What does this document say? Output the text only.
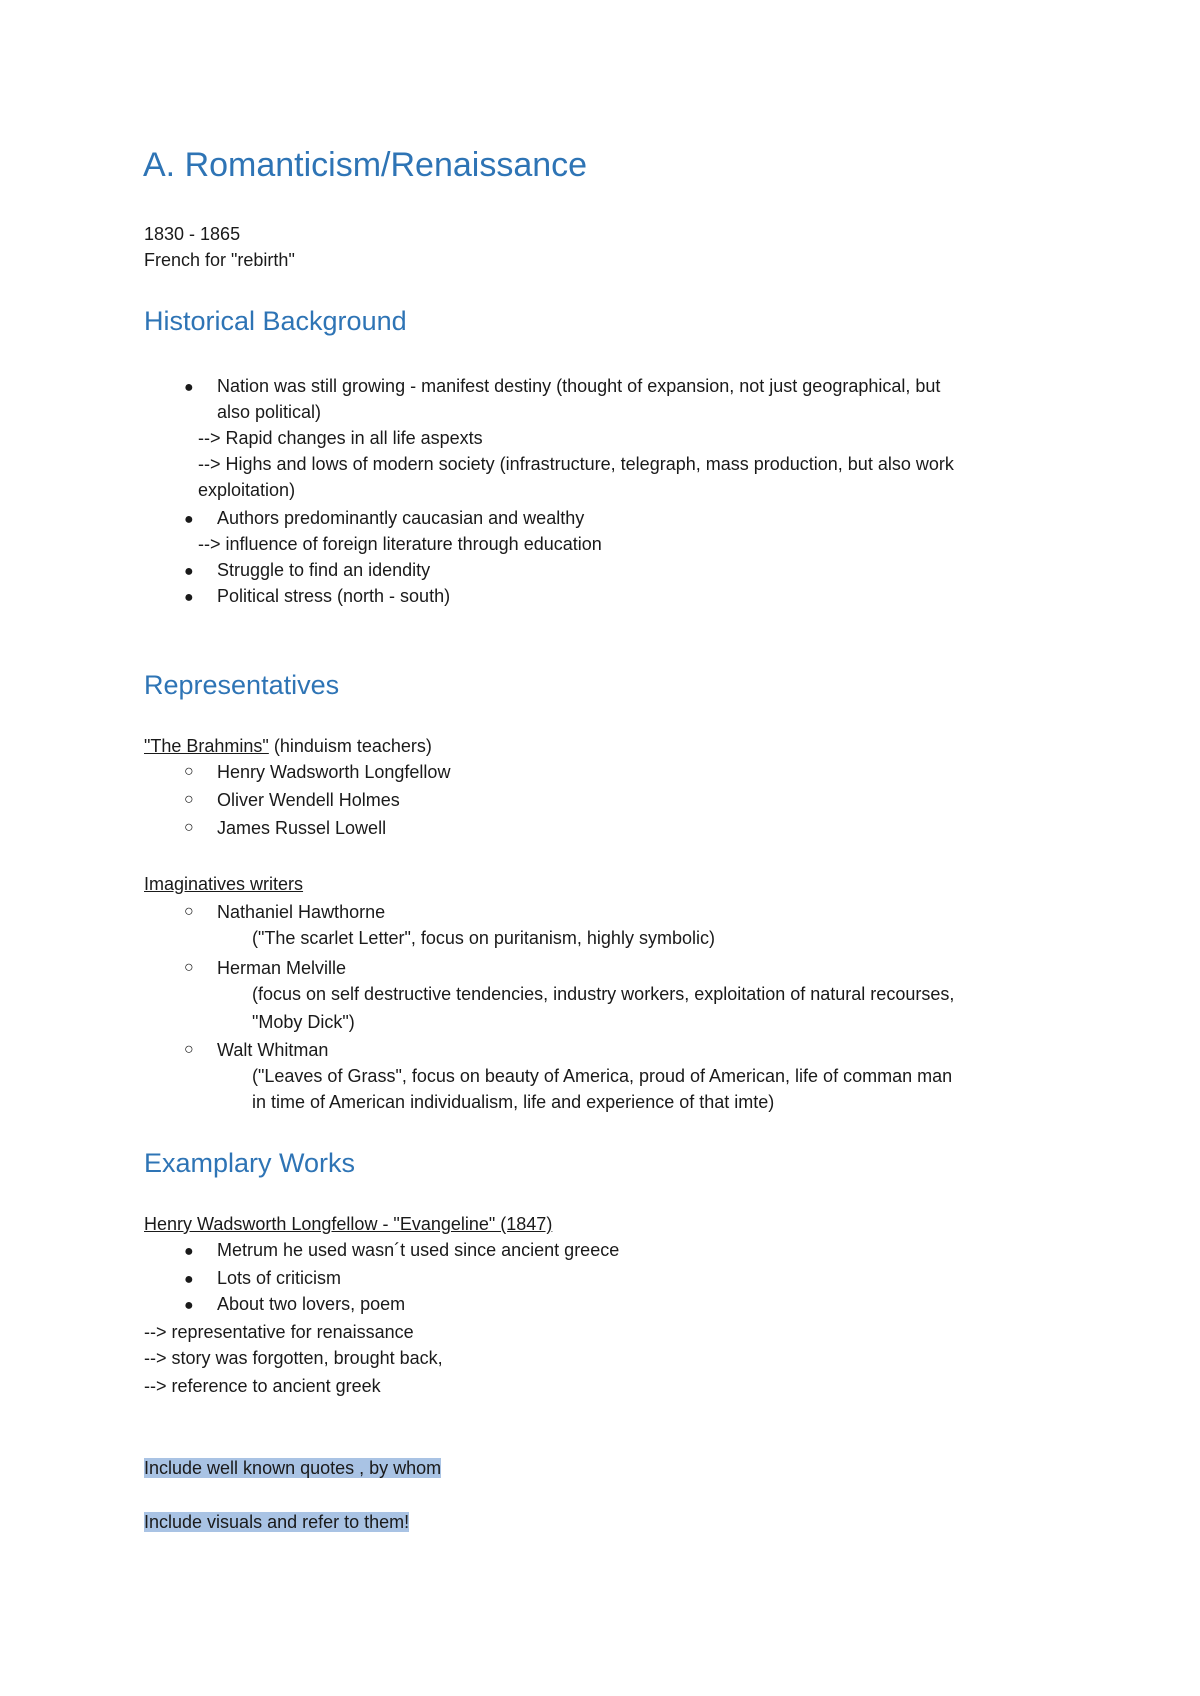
A. Romanticism/Renaissance
1830 - 1865
French for "rebirth"
Historical Background
● Nation was still growing - manifest destiny (thought of expansion, not just geographical, but
also political)
--> Rapid changes in all life aspexts
--> Highs and lows of modern society (infrastructure, telegraph, mass production, but also work
exploitation)
● Authors predominantly caucasian and wealthy
--> influence of foreign literature through education
● Struggle to find an idendity
● Political stress (north - south)
Representatives
"The Brahmins" (hinduism teachers)
○ Henry Wadsworth Longfellow
○ Oliver Wendell Holmes
○ James Russel Lowell
Imaginatives writers
○ Nathaniel Hawthorne
("The scarlet Letter", focus on puritanism, highly symbolic)
○ Herman Melville
(focus on self destructive tendencies, industry workers, exploitation of natural recourses,
"Moby Dick")
○ Walt Whitman
("Leaves of Grass", focus on beauty of America, proud of American, life of comman man
in time of American individualism, life and experience of that imte)
Examplary Works
Henry Wadsworth Longfellow - "Evangeline" (1847)
● Metrum he used wasn´t used since ancient greece
● Lots of criticism
● About two lovers, poem
--> representative for renaissance
--> story was forgotten, brought back,
--> reference to ancient greek
Include well known quotes , by whom
Include visuals and refer to them!
